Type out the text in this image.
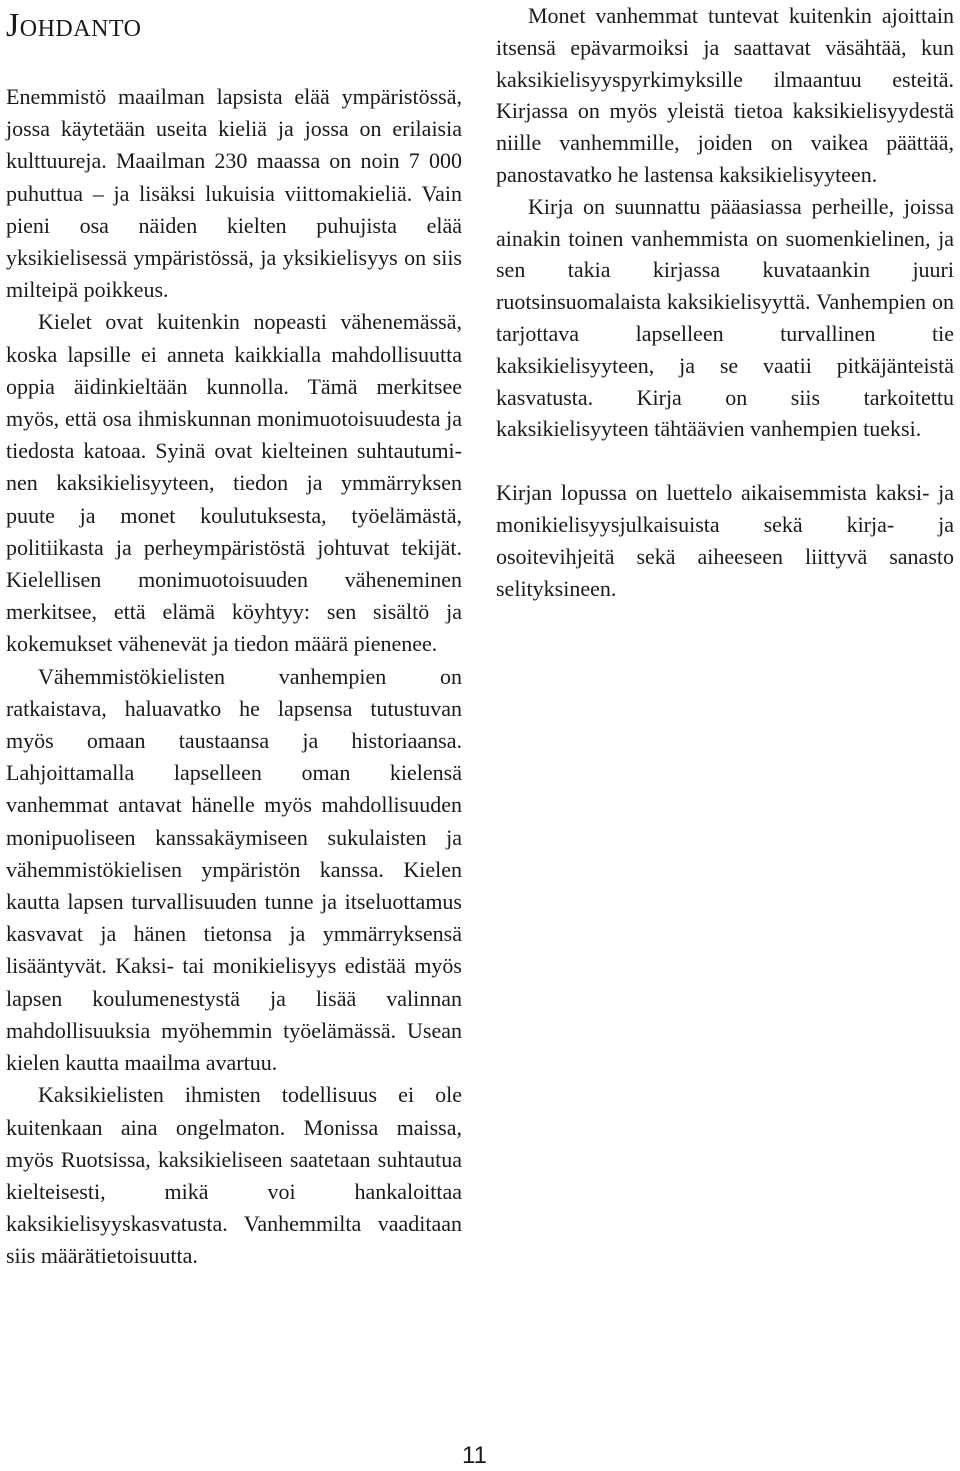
JOHDANTO

Enemmistö maailman lapsista elää ympäristössä, jossa käytetään useita kieliä ja jossa on erilaisia kulttuureja. Maailman 230 maassa on noin 7 000 puhuttua – ja lisäksi lukuisia viittomakieliä. Vain pieni osa näiden kielten puhujista elää yksikielisessä ympäristössä, ja yksikielisyys on siis milteipä poikkeus.

Kielet ovat kuitenkin nopeasti vähenemässä, koska lapsille ei anneta kaikkialla mahdollisuutta oppia äidinkieltään kunnolla. Tämä merkitsee myös, että osa ihmiskunnan monimuotoisuudesta ja tiedosta katoaa. Syinä ovat kielteinen suhtautuminen kaksikielisyyteen, tiedon ja ymmärryksen puute ja monet koulutuksesta, työelämästä, politiikasta ja perheympäristöstä johtuvat tekijät. Kielellisen monimuotoisuuden väheneminen merkitsee, että elämä köyhtyy: sen sisältö ja kokemukset vähenevät ja tiedon määrä pienenee.

Vähemmistökielisten vanhempien on ratkaistava, haluavatko he lapsensa tutustuvan myös omaan taustaansa ja historiaansa. Lahjoittamalla lapselleen oman kielensä vanhemmat antavat hänelle myös mahdollisuuden monipuoliseen kanssakäymiseen sukulaisten ja vähemmistökielisen ympäristön kanssa. Kielen kautta lapsen turvallisuuden tunne ja itseluottamus kasvavat ja hänen tietonsa ja ymmärryksensä lisääntyvät. Kaksi- tai monikielisyys edistää myös lapsen koulumenestystä ja lisää valinnan mahdollisuuksia myöhemmin työelämässä. Usean kielen kautta maailma avartuu.

Kaksikielisten ihmisten todellisuus ei ole kuitenkaan aina ongelmaton. Monissa maissa, myös Ruotsissa, kaksikieliseen saatetaan suhtautua kielteisesti, mikä voi hankaloittaa kaksikielisyyskasvatusta. Vanhemmilta vaaditaan siis määrätietoisuutta.

Monet vanhemmat tuntevat kuitenkin ajoittain itsensä epävarmoiksi ja saattavat väsähtää, kun kaksikielisyyspyrkimyksille ilmaantuu esteitä. Kirjassa on myös yleistä tietoa kaksikielisyydestä niille vanhemmille, joiden on vaikea päättää, panostavatko he lastensa kaksikielisyyteen.

Kirja on suunnattu pääasiassa perheille, joissa ainakin toinen vanhemmista on suomenkielinen, ja sen takia kirjassa kuvataankin juuri ruotsinsuomalaista kaksikielisyyttä. Vanhempien on tarjottava lapselleen turvallinen tie kaksikielisyyteen, ja se vaatii pitkäjänteistä kasvatusta. Kirja on siis tarkoitettu kaksikielisyyteen tähtäävien vanhempien tueksi.

Kirjan lopussa on luettelo aikaisemmista kaksi- ja monikielisyysjulkaisuista sekä kirja- ja osoitevihjeitä sekä aiheeseen liittyvä sanasto selityksineen.

11
